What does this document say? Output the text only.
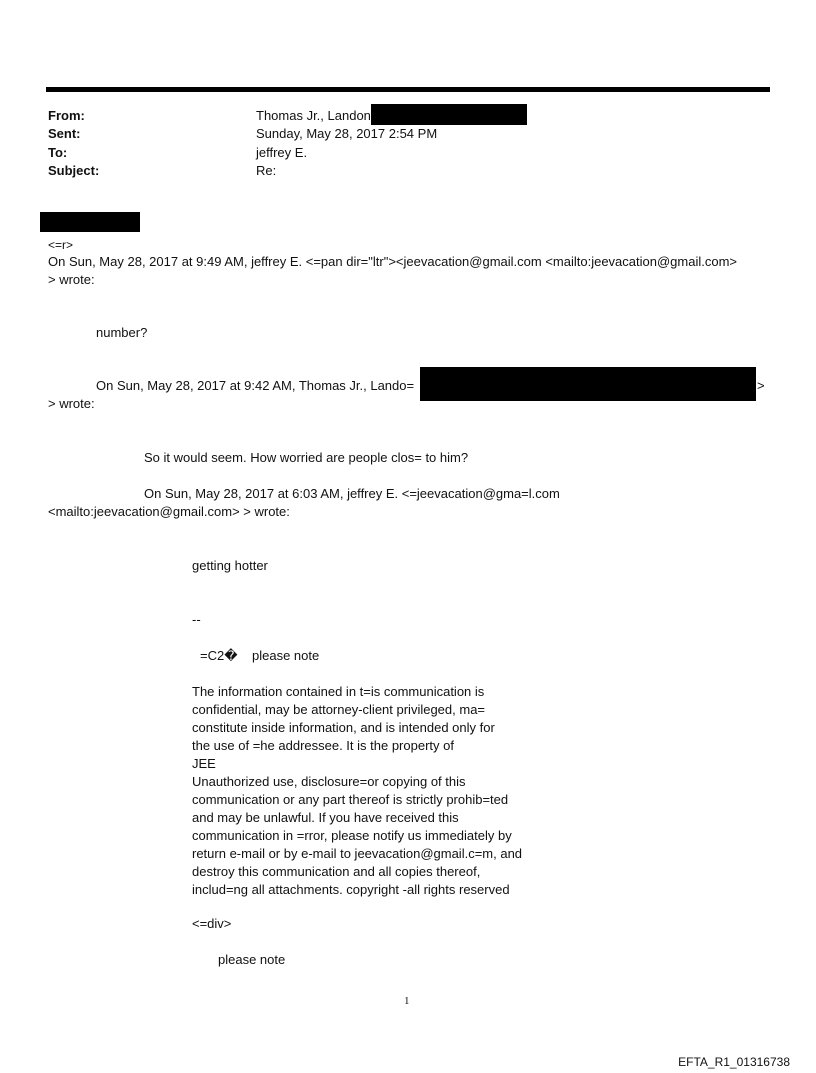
From:	Thomas Jr., Landon
Sent:	Sunday, May 28, 2017 2:54 PM
To:	jeffrey E.
Subject:	Re:
<=r>
On Sun, May 28, 2017 at 9:49 AM, jeffrey E. <=pan dir="ltr"><jeevacation@gmail.com <mailto:jeevacation@gmail.com>
> wrote:
number?
On Sun, May 28, 2017 at 9:42 AM, Thomas Jr., Lando=	>
> wrote:
So it would seem. How worried are people clos= to him?
On Sun, May 28, 2017 at 6:03 AM, jeffrey E. <=jeevacation@gma=l.com
<mailto:jeevacation@gmail.com> > wrote:
getting hotter
--
=C2� please note
The information contained in t=is communication is
confidential, may be attorney-client privileged, ma=
constitute inside information, and is intended only for
the use of =he addressee. It is the property of
JEE
Unauthorized use, disclosure=or copying of this
communication or any part thereof is strictly prohib=ted
and may be unlawful. If you have received this
communication in =rror, please notify us immediately by
return e-mail or by e-mail to jeevacation@gmail.c=m, and
destroy this communication and all copies thereof,
includ=ng all attachments. copyright -all rights reserved
<=div>
please note
1
EFTA_R1_01316738
